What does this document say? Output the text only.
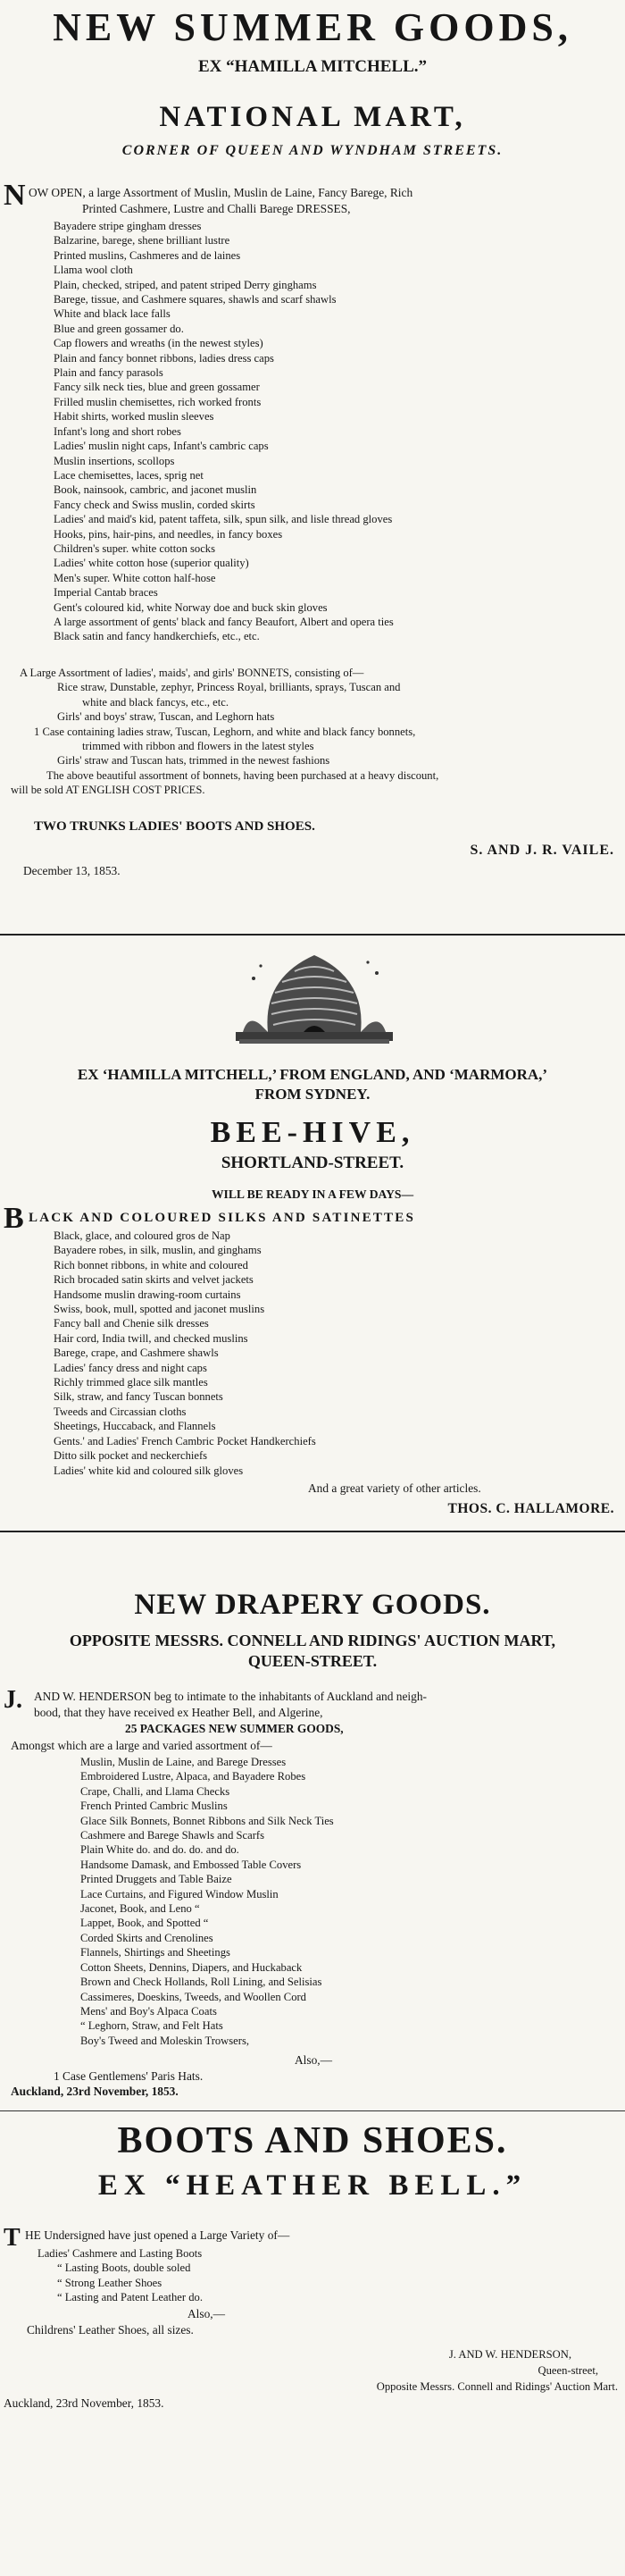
NEW SUMMER GOODS,
EX “HAMILLA MITCHELL.”
NATIONAL MART,
CORNER OF QUEEN AND WYNDHAM STREETS.
N OW OPEN, a large Assortment of Muslin, Muslin de Laine, Fancy Barege, Rich
Printed Cashmere, Lustre and Challi Barege DRESSES,
Bayadere stripe gingham dresses
Balzarine, barege, shene brilliant lustre
Printed muslins, Cashmeres and de laines
Llama wool cloth
Plain, checked, striped, and patent striped Derry ginghams
Barege, tissue, and Cashmere squares, shawls and scarf shawls
White and black lace falls
Blue and green gossamer do.
Cap flowers and wreaths (in the newest styles)
Plain and fancy bonnet ribbons, ladies dress caps
Plain and fancy parasols
Fancy silk neck ties, blue and green gossamer
Frilled muslin chemisettes, rich worked fronts
Habit shirts, worked muslin sleeves
Infant's long and short robes
Ladies' muslin night caps, Infant's cambric caps
Muslin insertions, scollops
Lace chemisettes, laces, sprig net
Book, nainsook, cambric, and jaconet muslin
Fancy check and Swiss muslin, corded skirts
Ladies' and maid's kid, patent taffeta, silk, spun silk, and lisle thread gloves
Hooks, pins, hair-pins, and needles, in fancy boxes
Children's super. white cotton socks
Ladies' white cotton hose (superior quality)
Men's super. White cotton half-hose
Imperial Cantab braces
Gent's coloured kid, white Norway doe and buck skin gloves
A large assortment of gents' black and fancy Beaufort, Albert and opera ties
Black satin and fancy handkerchiefs, etc., etc.
A Large Assortment of ladies', maids', and girls' BONNETS, consisting of—
Rice straw, Dunstable, zephyr, Princess Royal, brilliants, sprays, Tuscan and
white and black fancys, etc., etc.
Girls' and boys' straw, Tuscan, and Leghorn hats
1 Case containing ladies straw, Tuscan, Leghorn, and white and black fancy bonnets,
trimmed with ribbon and flowers in the latest styles
Girls' straw and Tuscan hats, trimmed in the newest fashions
The above beautiful assortment of bonnets, having been purchased at a heavy discount,
will be sold AT ENGLISH COST PRICES.
TWO TRUNKS LADIES' BOOTS AND SHOES.
S. AND J. R. VAILE.
December 13, 1853.
EX ‘HAMILLA MITCHELL,’ FROM ENGLAND, AND ‘MARMORA,’
FROM SYDNEY.
BEE-HIVE,
SHORTLAND-STREET.
WILL BE READY IN A FEW DAYS—
B LACK AND COLOURED SILKS AND SATINETTES
Black, glace, and coloured gros de Nap
Bayadere robes, in silk, muslin, and ginghams
Rich bonnet ribbons, in white and coloured
Rich brocaded satin skirts and velvet jackets
Handsome muslin drawing-room curtains
Swiss, book, mull, spotted and jaconet muslins
Fancy ball and Chenie silk dresses
Hair cord, India twill, and checked muslins
Barege, crape, and Cashmere shawls
Ladies' fancy dress and night caps
Richly trimmed glace silk mantles
Silk, straw, and fancy Tuscan bonnets
Tweeds and Circassian cloths
Sheetings, Huccaback, and Flannels
Gents.' and Ladies' French Cambric Pocket Handkerchiefs
Ditto silk pocket and neckerchiefs
Ladies' white kid and coloured silk gloves
And a great variety of other articles.
THOS. C. HALLAMORE.
NEW DRAPERY GOODS.
OPPOSITE MESSRS. CONNELL AND RIDINGS' AUCTION MART,
QUEEN-STREET.
J. AND W. HENDERSON beg to intimate to the inhabitants of Auckland and neigh-
bood, that they have received ex Heather Bell, and Algerine,
25 PACKAGES NEW SUMMER GOODS,
Amongst which are a large and varied assortment of—
Muslin, Muslin de Laine, and Barege Dresses
Embroidered Lustre, Alpaca, and Bayadere Robes
Crape, Challi, and Llama Checks
French Printed Cambric Muslins
Glace Silk Bonnets, Bonnet Ribbons and Silk Neck Ties
Cashmere and Barege Shawls and Scarfs
Plain White do. and do. do. and do.
Handsome Damask, and Embossed Table Covers
Printed Druggets and Table Baize
Lace Curtains, and Figured Window Muslin
Jaconet, Book, and Leno “
Lappet, Book, and Spotted “
Corded Skirts and Crenolines
Flannels, Shirtings and Sheetings
Cotton Sheets, Dennins, Diapers, and Huckaback
Brown and Check Hollands, Roll Lining, and Selisias
Cassimeres, Doeskins, Tweeds, and Woollen Cord
Mens' and Boy's Alpaca Coats
“ Leghorn, Straw, and Felt Hats
Boy's Tweed and Moleskin Trowsers,
Also,—
1 Case Gentlemens' Paris Hats.
Auckland, 23rd November, 1853.
BOOTS AND SHOES.
EX “HEATHER BELL.”
T HE Undersigned have just opened a Large Variety of—
Ladies' Cashmere and Lasting Boots
“ Lasting Boots, double soled
“ Strong Leather Shoes
“ Lasting and Patent Leather do.
Also,—
Childrens' Leather Shoes, all sizes.
J. AND W. HENDERSON,
Queen-street,
Opposite Messrs. Connell and Ridings' Auction Mart.
Auckland, 23rd November, 1853.
